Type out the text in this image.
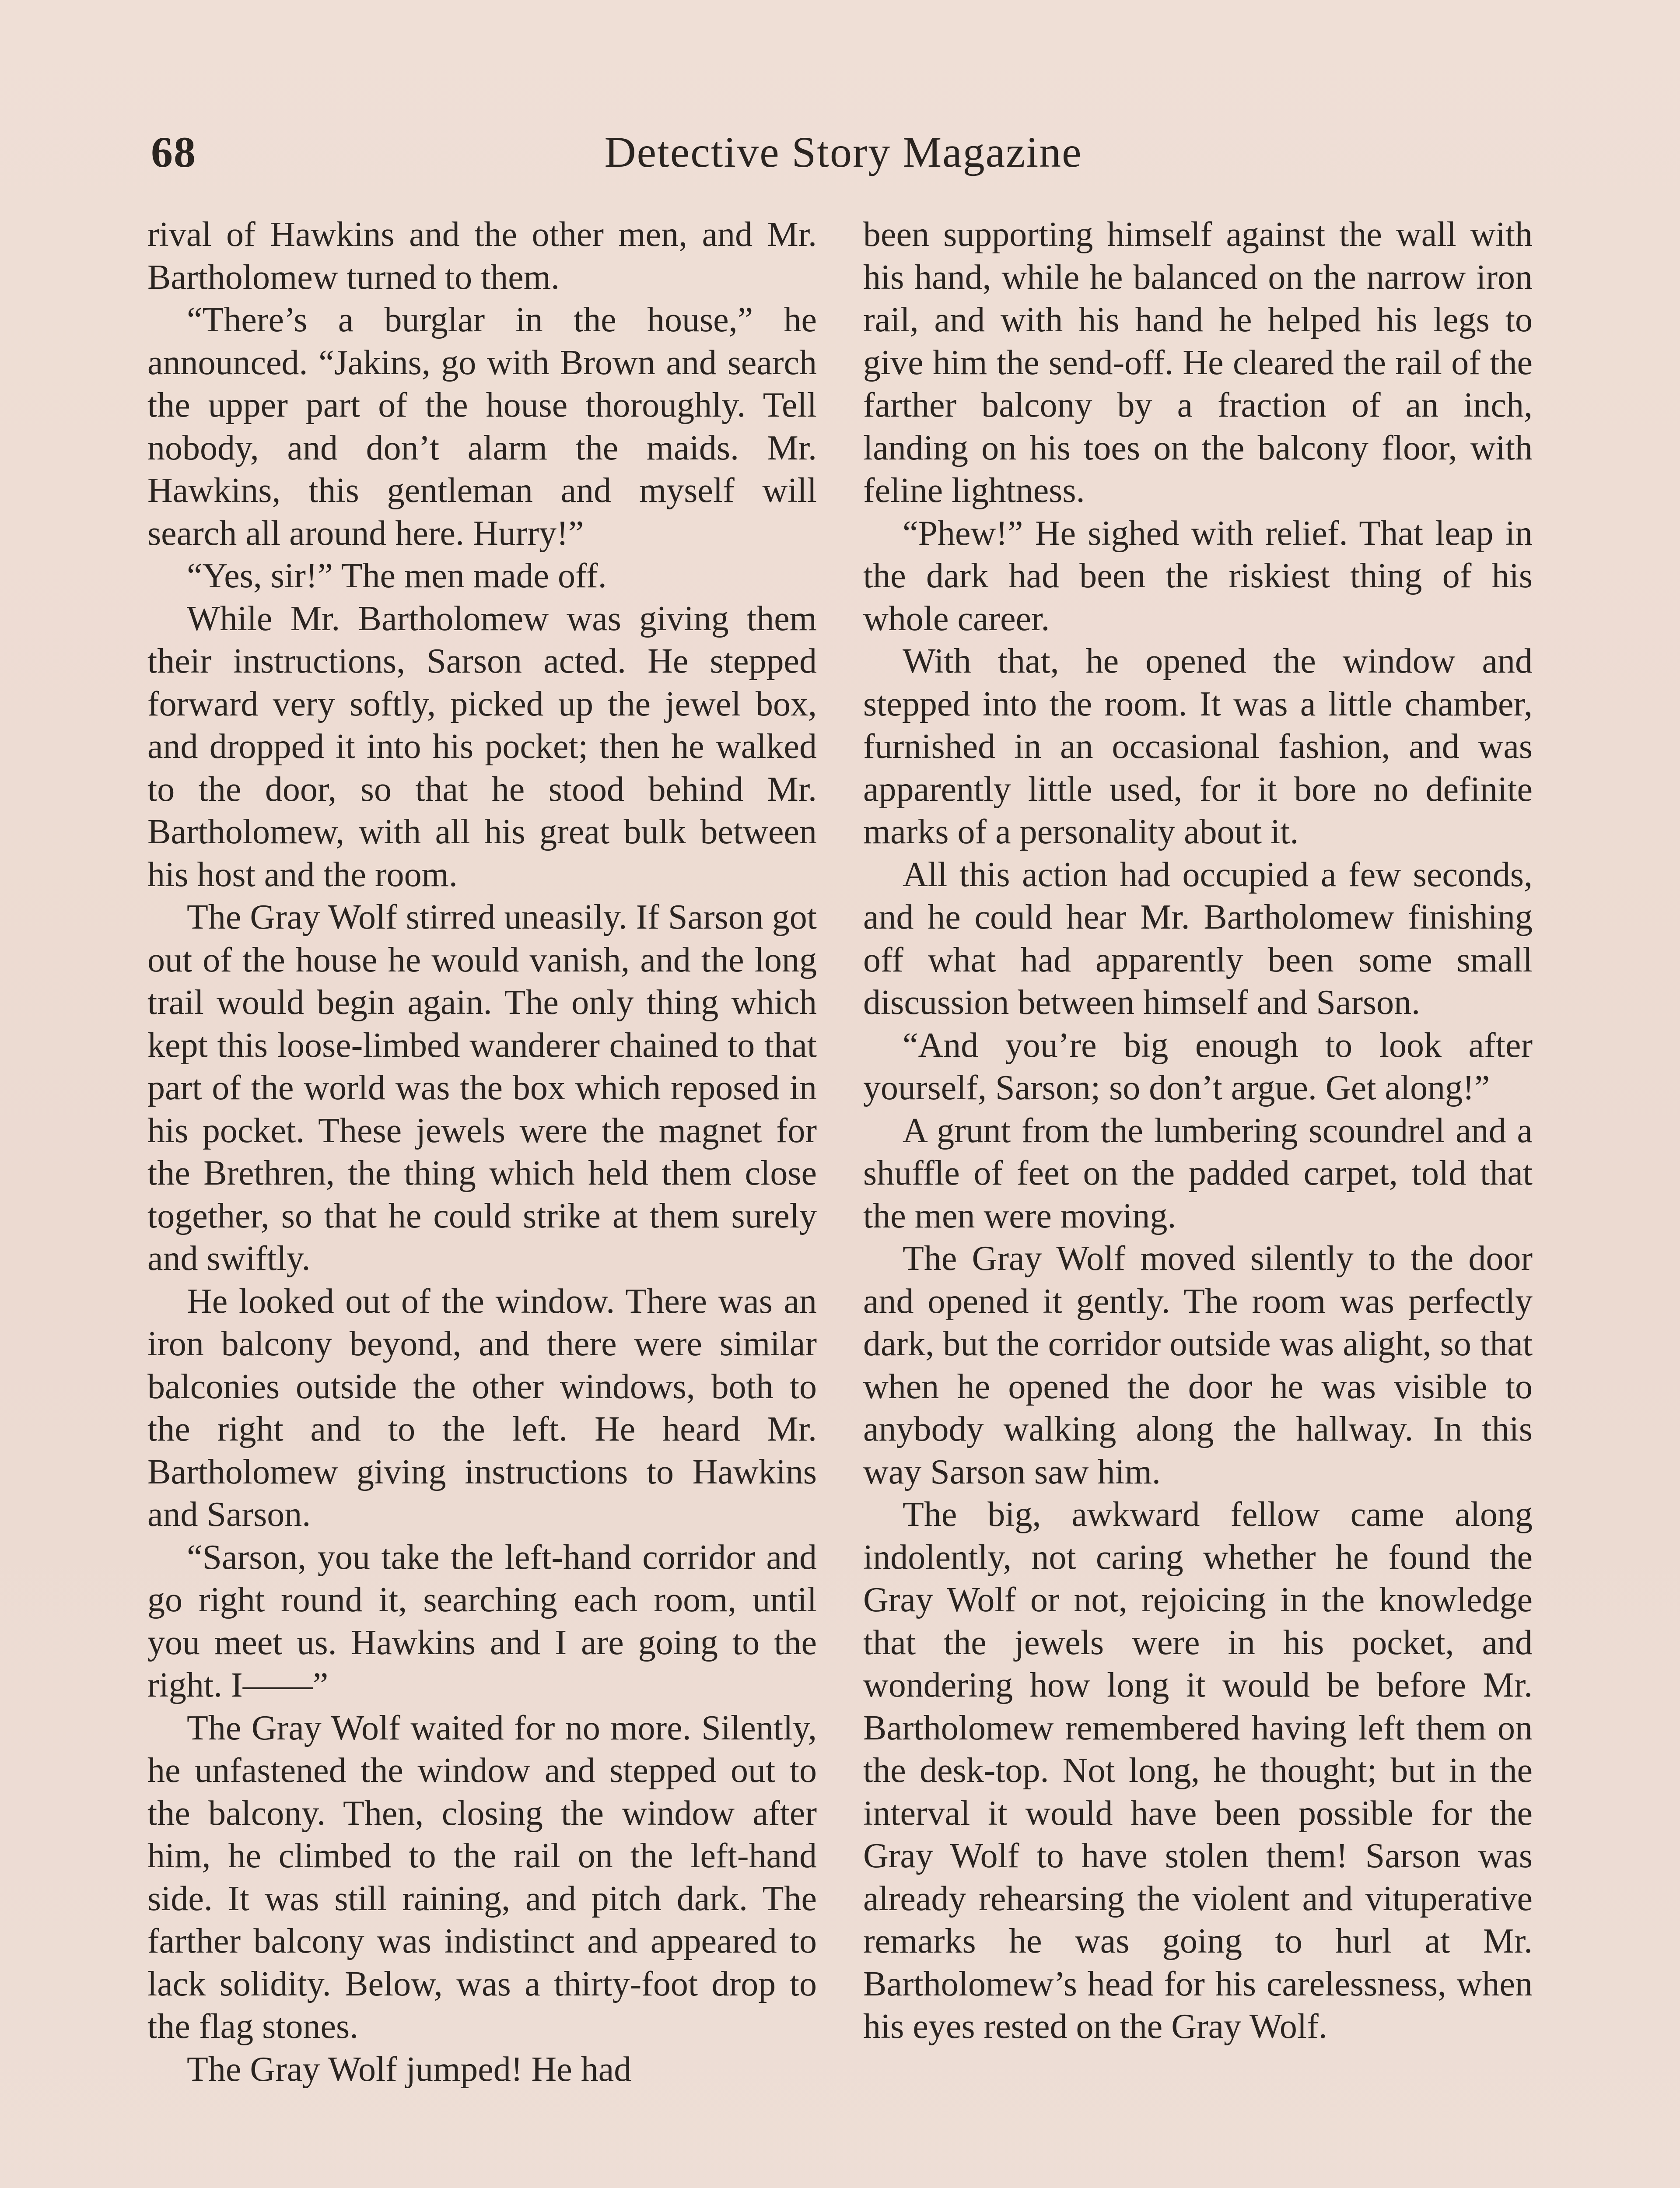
68	Detective Story Magazine

rival of Hawkins and the other men, and Mr. Bartholomew turned to them.

“There’s a burglar in the house,” he announced. “Jakins, go with Brown and search the upper part of the house thoroughly. Tell nobody, and don’t alarm the maids. Mr. Hawkins, this gentleman and myself will search all around here. Hurry!”

“Yes, sir!” The men made off.

While Mr. Bartholomew was giving them their instructions, Sarson acted. He stepped forward very softly, picked up the jewel box, and dropped it into his pocket; then he walked to the door, so that he stood behind Mr. Bartholomew, with all his great bulk between his host and the room.

The Gray Wolf stirred uneasily. If Sarson got out of the house he would vanish, and the long trail would begin again. The only thing which kept this loose-limbed wanderer chained to that part of the world was the box which reposed in his pocket. These jewels were the magnet for the Brethren, the thing which held them close together, so that he could strike at them surely and swiftly.

He looked out of the window. There was an iron balcony beyond, and there were similar balconies outside the other windows, both to the right and to the left. He heard Mr. Bartholomew giving instructions to Hawkins and Sarson.

“Sarson, you take the left-hand corridor and go right round it, searching each room, until you meet us. Hawkins and I are going to the right. I——”

The Gray Wolf waited for no more. Silently, he unfastened the window and stepped out to the balcony. Then, closing the window after him, he climbed to the rail on the left-hand side. It was still raining, and pitch dark. The farther balcony was indistinct and appeared to lack solidity. Below, was a thirty-foot drop to the flag stones.

The Gray Wolf jumped! He had

been supporting himself against the wall with his hand, while he balanced on the narrow iron rail, and with his hand he helped his legs to give him the send-off. He cleared the rail of the farther balcony by a fraction of an inch, landing on his toes on the balcony floor, with feline lightness.

“Phew!” He sighed with relief. That leap in the dark had been the riskiest thing of his whole career.

With that, he opened the window and stepped into the room. It was a little chamber, furnished in an occasional fashion, and was apparently little used, for it bore no definite marks of a personality about it.

All this action had occupied a few seconds, and he could hear Mr. Bartholomew finishing off what had apparently been some small discussion between himself and Sarson.

“And you’re big enough to look after yourself, Sarson; so don’t argue. Get along!”

A grunt from the lumbering scoundrel and a shuffle of feet on the padded carpet, told that the men were moving.

The Gray Wolf moved silently to the door and opened it gently. The room was perfectly dark, but the corridor outside was alight, so that when he opened the door he was visible to anybody walking along the hallway. In this way Sarson saw him.

The big, awkward fellow came along indolently, not caring whether he found the Gray Wolf or not, rejoicing in the knowledge that the jewels were in his pocket, and wondering how long it would be before Mr. Bartholomew remembered having left them on the desk-top. Not long, he thought; but in the interval it would have been possible for the Gray Wolf to have stolen them! Sarson was already rehearsing the violent and vituperative remarks he was going to hurl at Mr. Bartholomew’s head for his carelessness, when his eyes rested on the Gray Wolf.
